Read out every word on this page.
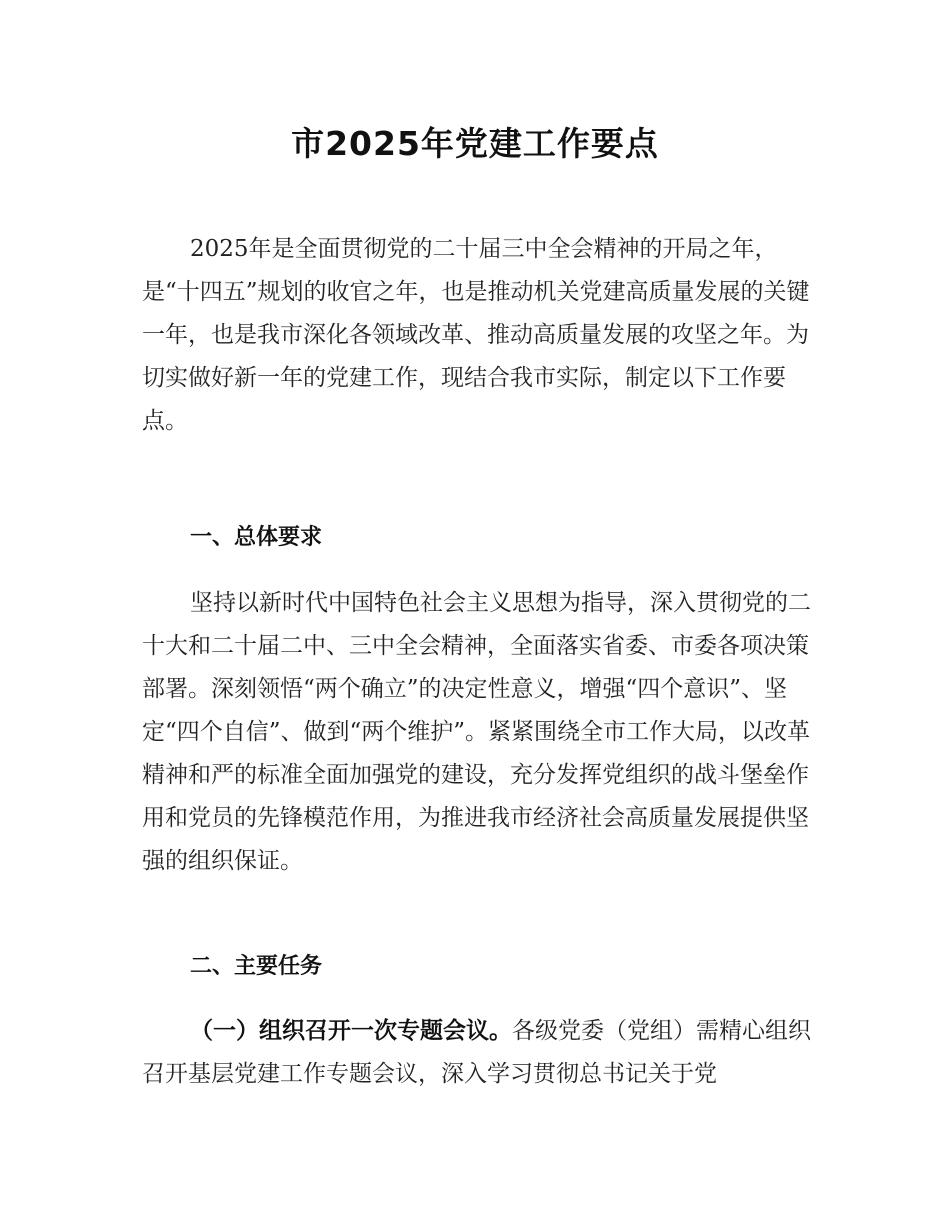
市2025年党建工作要点

2025年是全面贯彻党的二十届三中全会精神的开局之年，是“十四五”规划的收官之年，也是推动机关党建高质量发展的关键一年，也是我市深化各领域改革、推动高质量发展的攻坚之年。为切实做好新一年的党建工作，现结合我市实际，制定以下工作要点。

一、总体要求

坚持以新时代中国特色社会主义思想为指导，深入贯彻党的二十大和二十届二中、三中全会精神，全面落实省委、市委各项决策部署。深刻领悟“两个确立”的决定性意义，增强“四个意识”、坚定“四个自信”、做到“两个维护”。紧紧围绕全市工作大局，以改革精神和严的标准全面加强党的建设，充分发挥党组织的战斗堡垒作用和党员的先锋模范作用，为推进我市经济社会高质量发展提供坚强的组织保证。

二、主要任务

（一）组织召开一次专题会议。各级党委（党组）需精心组织召开基层党建工作专题会议，深入学习贯彻总书记关于党
